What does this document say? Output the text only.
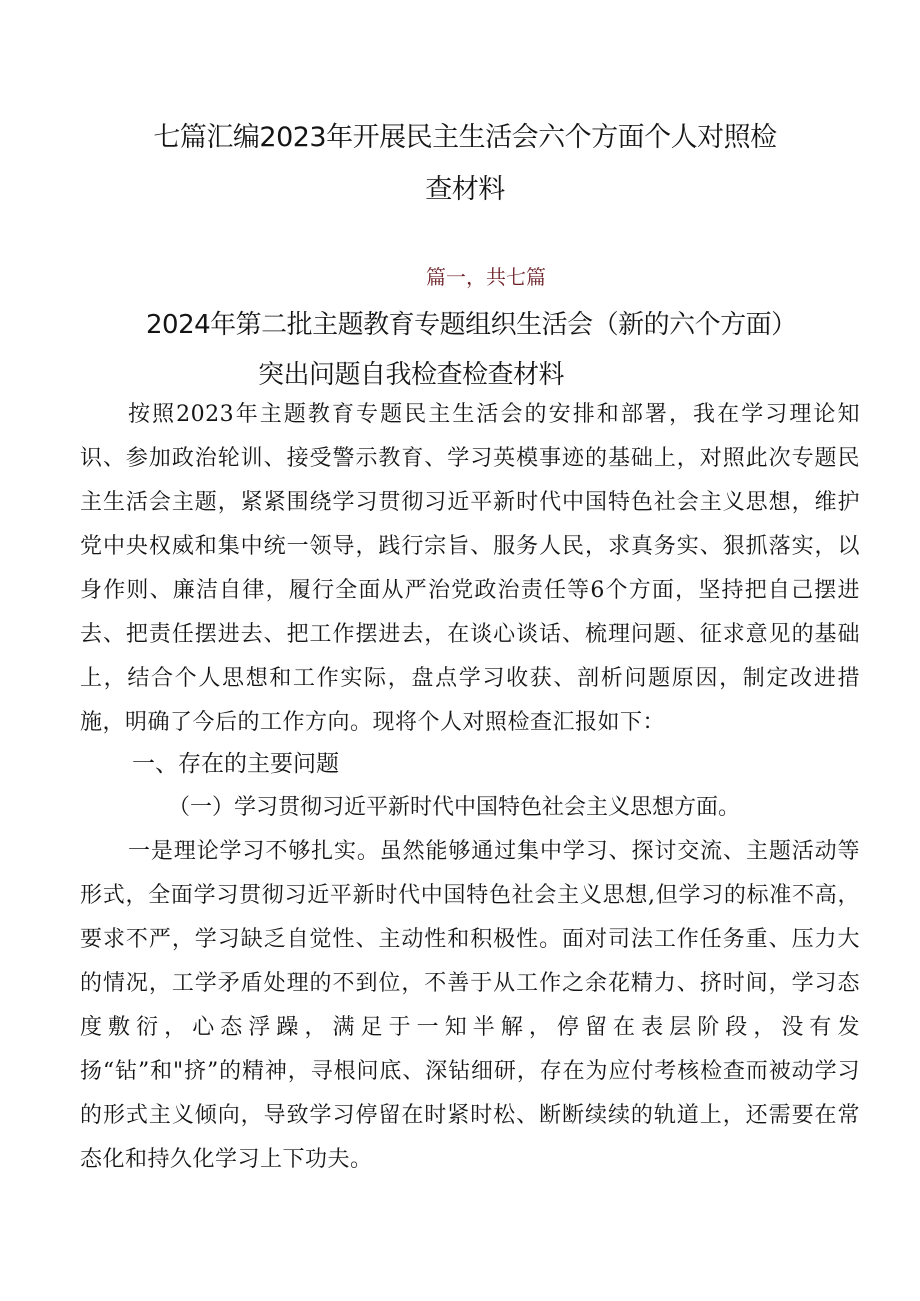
七篇汇编2023年开展民主生活会六个方面个人对照检
查材料

篇一，共七篇

2024年第二批主题教育专题组织生活会（新的六个方面）
突出问题自我检查检查材料

按照2023年主题教育专题民主生活会的安排和部署，我在学习理论知识、参加政治轮训、接受警示教育、学习英模事迹的基础上，对照此次专题民主生活会主题，紧紧围绕学习贯彻习近平新时代中国特色社会主义思想，维护党中央权威和集中统一领导，践行宗旨、服务人民，求真务实、狠抓落实，以身作则、廉洁自律，履行全面从严治党政治责任等6个方面，坚持把自己摆进去、把责任摆进去、把工作摆进去，在谈心谈话、梳理问题、征求意见的基础上，结合个人思想和工作实际，盘点学习收获、剖析问题原因，制定改进措施，明确了今后的工作方向。现将个人对照检查汇报如下：

一、存在的主要问题

（一）学习贯彻习近平新时代中国特色社会主义思想方面。

一是理论学习不够扎实。虽然能够通过集中学习、探讨交流、主题活动等形式，全面学习贯彻习近平新时代中国特色社会主义思想,但学习的标准不高，要求不严，学习缺乏自觉性、主动性和积极性。面对司法工作任务重、压力大的情况，工学矛盾处理的不到位，不善于从工作之余花精力、挤时间，学习态度敷衍，心态浮躁，满足于一知半解，停留在表层阶段，没有发扬“钻”和"挤”的精神，寻根问底、深钻细研，存在为应付考核检查而被动学习的形式主义倾向，导致学习停留在时紧时松、断断续续的轨道上，还需要在常态化和持久化学习上下功夫。
